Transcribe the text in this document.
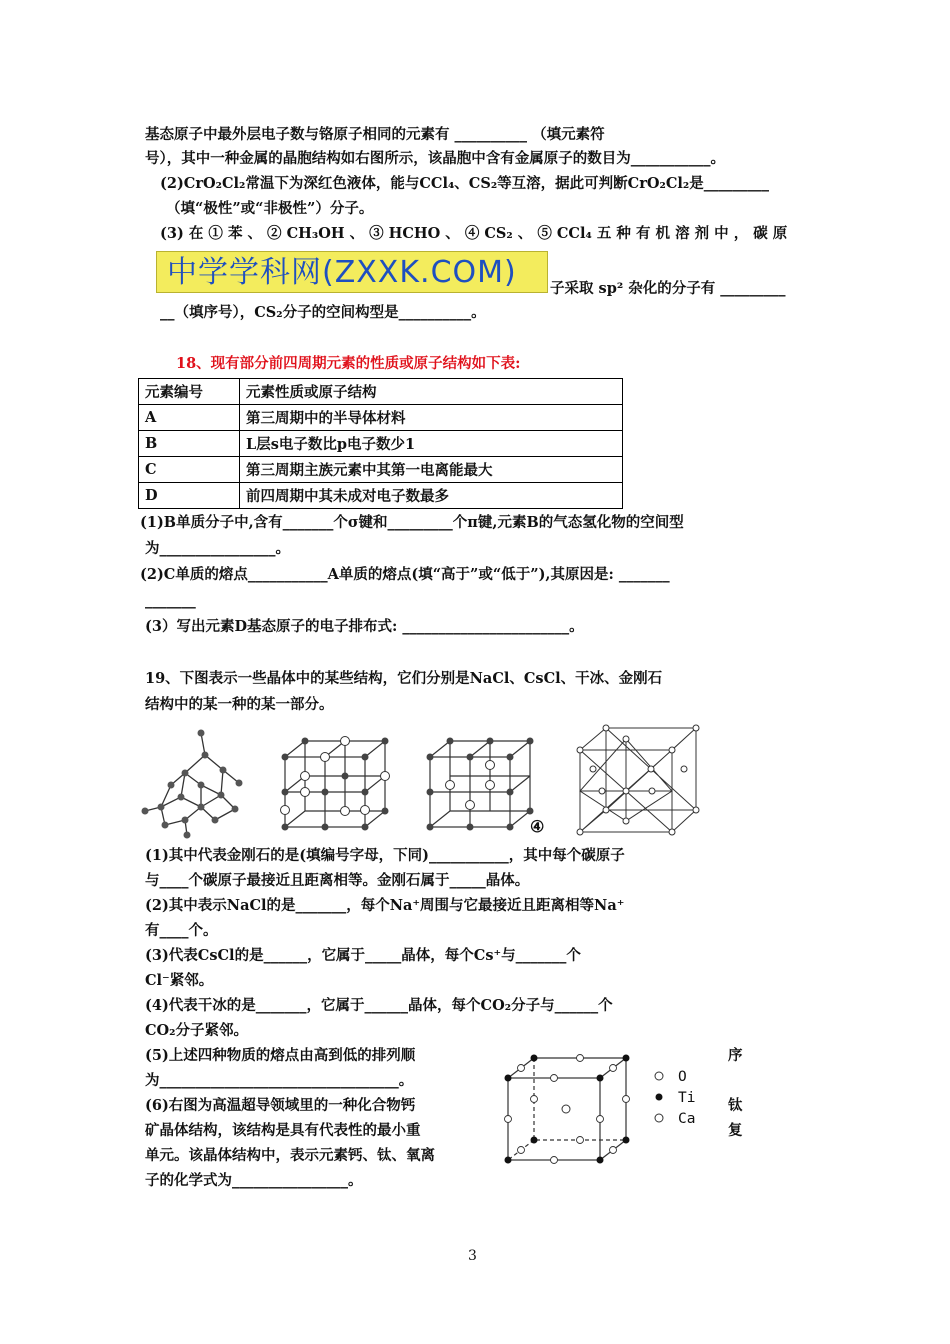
基态原子中最外层电子数与铬原子相同的元素有 __________ （填元素符
号），其中一种金属的晶胞结构如右图所示，该晶胞中含有金属原子的数目为___________。
(2)CrO₂Cl₂常温下为深红色液体，能与CCl₄、CS₂等互溶，据此可判断CrO₂Cl₂是_________
（填“极性”或“非极性”）分子。
(3) 在 ① 苯 、 ② CH₃OH 、 ③ HCHO 、 ④ CS₂ 、 ⑤ CCl₄ 五 种 有 机 溶 剂 中 ， 碳 原
中学学科网(ZXXK.COM)	子采取 sp² 杂化的分子有 _________
__（填序号），CS₂分子的空间构型是__________。
18、现有部分前四周期元素的性质或原子结构如下表:
元素编号	元素性质或原子结构
A	第三周期中的半导体材料
B	L层s电子数比p电子数少1
C	第三周期主族元素中其第一电离能最大
D	前四周期中其未成对电子数最多
(1)B单质分子中,含有_______个σ键和_________个π键,元素B的气态氢化物的空间型
为________________。
(2)C单质的熔点___________A单质的熔点(填“高于”或“低于”),其原因是: _______
_______
(3）写出元素D基态原子的电子排布式: _______________________。
19、下图表示一些晶体中的某些结构，它们分别是NaCl、CsCl、干冰、金刚石
结构中的某一种的某一部分。
④
(1)其中代表金刚石的是(填编号字母，下同)___________，其中每个碳原子
与____个碳原子最接近且距离相等。金刚石属于_____晶体。
(2)其中表示NaCl的是_______，每个Na⁺周围与它最接近且距离相等Na⁺
有____个。
(3)代表CsCl的是______，它属于_____晶体，每个Cs⁺与_______个
Cl⁻紧邻。
(4)代表干冰的是_______，它属于______晶体，每个CO₂分子与______个
CO₂分子紧邻。
(5)上述四种物质的熔点由高到低的排列顺
为_________________________________。
(6)右图为高温超导领域里的一种化合物钙
矿晶体结构，该结构是具有代表性的最小重
单元。该晶体结构中，表示元素钙、钛、氧离
子的化学式为________________。
O
Ti
Ca
序
钛
复
3
